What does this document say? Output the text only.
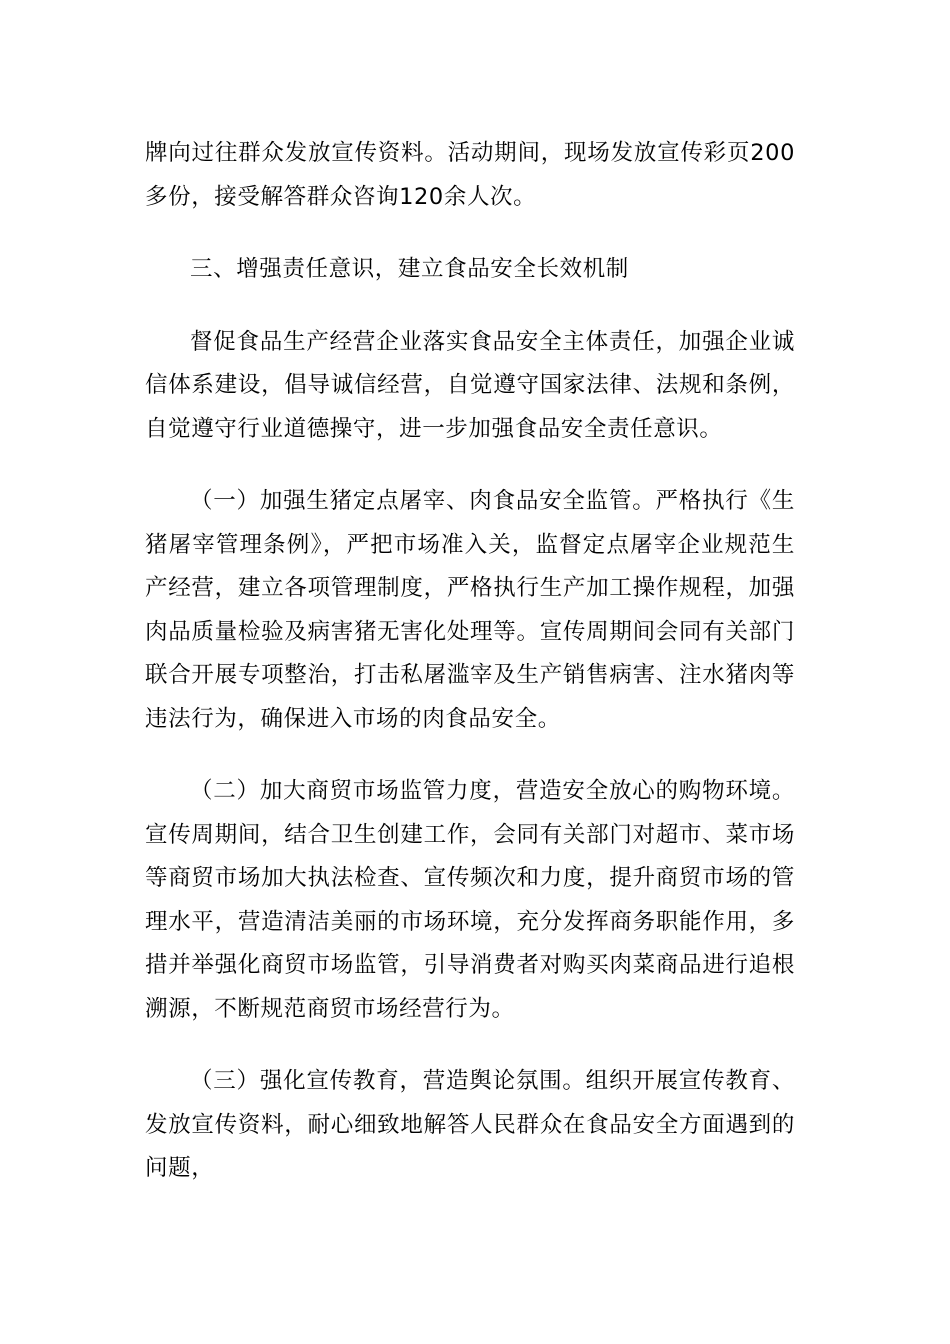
牌向过往群众发放宣传资料。活动期间，现场发放宣传彩页200多份，接受解答群众咨询120余人次。

三、增强责任意识，建立食品安全长效机制

督促食品生产经营企业落实食品安全主体责任，加强企业诚信体系建设，倡导诚信经营，自觉遵守国家法律、法规和条例，自觉遵守行业道德操守，进一步加强食品安全责任意识。

（一）加强生猪定点屠宰、肉食品安全监管。严格执行《生猪屠宰管理条例》，严把市场准入关，监督定点屠宰企业规范生产经营，建立各项管理制度，严格执行生产加工操作规程，加强肉品质量检验及病害猪无害化处理等。宣传周期间会同有关部门联合开展专项整治，打击私屠滥宰及生产销售病害、注水猪肉等违法行为，确保进入市场的肉食品安全。

（二）加大商贸市场监管力度，营造安全放心的购物环境。宣传周期间，结合卫生创建工作，会同有关部门对超市、菜市场等商贸市场加大执法检查、宣传频次和力度，提升商贸市场的管理水平，营造清洁美丽的市场环境，充分发挥商务职能作用，多措并举强化商贸市场监管，引导消费者对购买肉菜商品进行追根溯源，不断规范商贸市场经营行为。

（三）强化宣传教育，营造舆论氛围。组织开展宣传教育、发放宣传资料，耐心细致地解答人民群众在食品安全方面遇到的问题，
